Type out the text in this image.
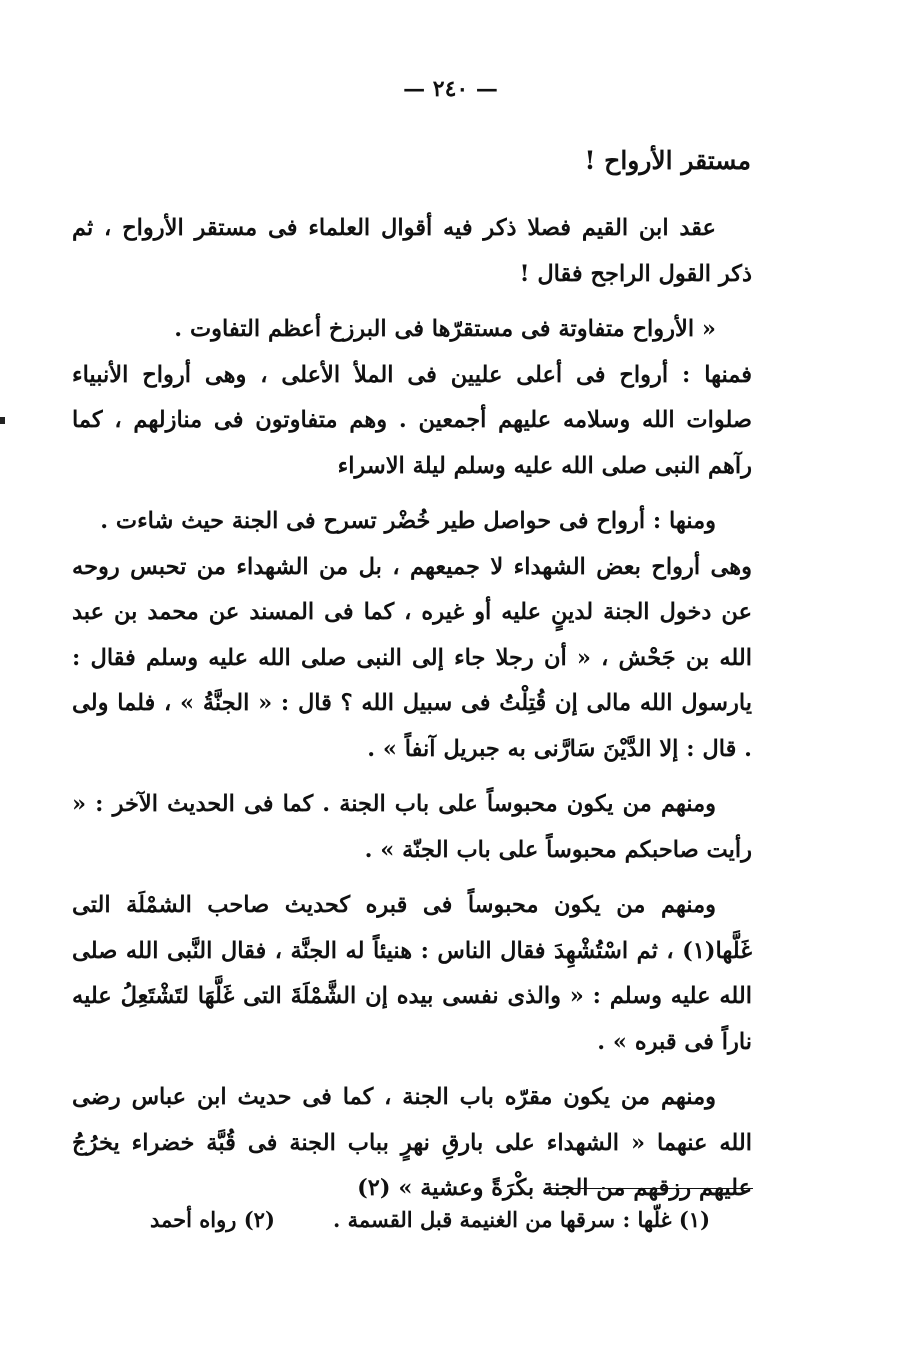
— ٢٤٠ —
مستقر الأرواح !

عقد ابن القيم فصلا ذكر فيه أقوال العلماء فى مستقر الأرواح ، ثم ذكر القول الراجح فقال !

« الأرواح متفاوتة فى مستقرّها فى البرزخ أعظم التفاوت .

فمنها : أرواح فى أعلى عليين فى الملأ الأعلى ، وهى أرواح الأنبياء صلوات الله وسلامه عليهم أجمعين . وهم متفاوتون فى منازلهم ، كما رآهم النبى صلى الله عليه وسلم ليلة الاسراء

ومنها : أرواح فى حواصل طير خُضْر تسرح فى الجنة حيث شاءت .

وهى أرواح بعض الشهداء لا جميعهم ، بل من الشهداء من تحبس روحه عن دخول الجنة لدينٍ عليه أو غيره ، كما فى المسند عن محمد بن عبد الله بن جَحْش ، « أن رجلا جاء إلى النبى صلى الله عليه وسلم فقال : يارسول الله مالى إن قُتِلْتُ فى سبيل الله ؟ قال : « الجنَّةُ » ، فلما ولى . قال : إلا الدَّيْنَ سَارَّنى به جبريل آنفاً » .

ومنهم من يكون محبوساً على باب الجنة . كما فى الحديث الآخر : « رأيت صاحبكم محبوساً على باب الجنّة » .

ومنهم من يكون محبوساً فى قبره كحديث صاحب الشمْلَة التى غَلَّها(١) ، ثم اسْتُشْهِدَ فقال الناس : هنيئاً له الجنَّة ، فقال النَّبى الله صلى الله عليه وسلم : « والذى نفسى بيده إن الشَّمْلَةَ التى غَلَّهَا لتَشْتَعِلُ عليه ناراً فى قبره » .

ومنهم من يكون مقرّه باب الجنة ، كما فى حديث ابن عباس رضى الله عنهما « الشهداء على بارقِ نهرٍ بباب الجنة فى قُبَّة خضراء يخرُجُ عليهم رزقهم من الجنة بكْرَةً وعشية » (٢)

(١) غلّها : سرقها من الغنيمة قبل القسمة .
(٢) رواه أحمد
